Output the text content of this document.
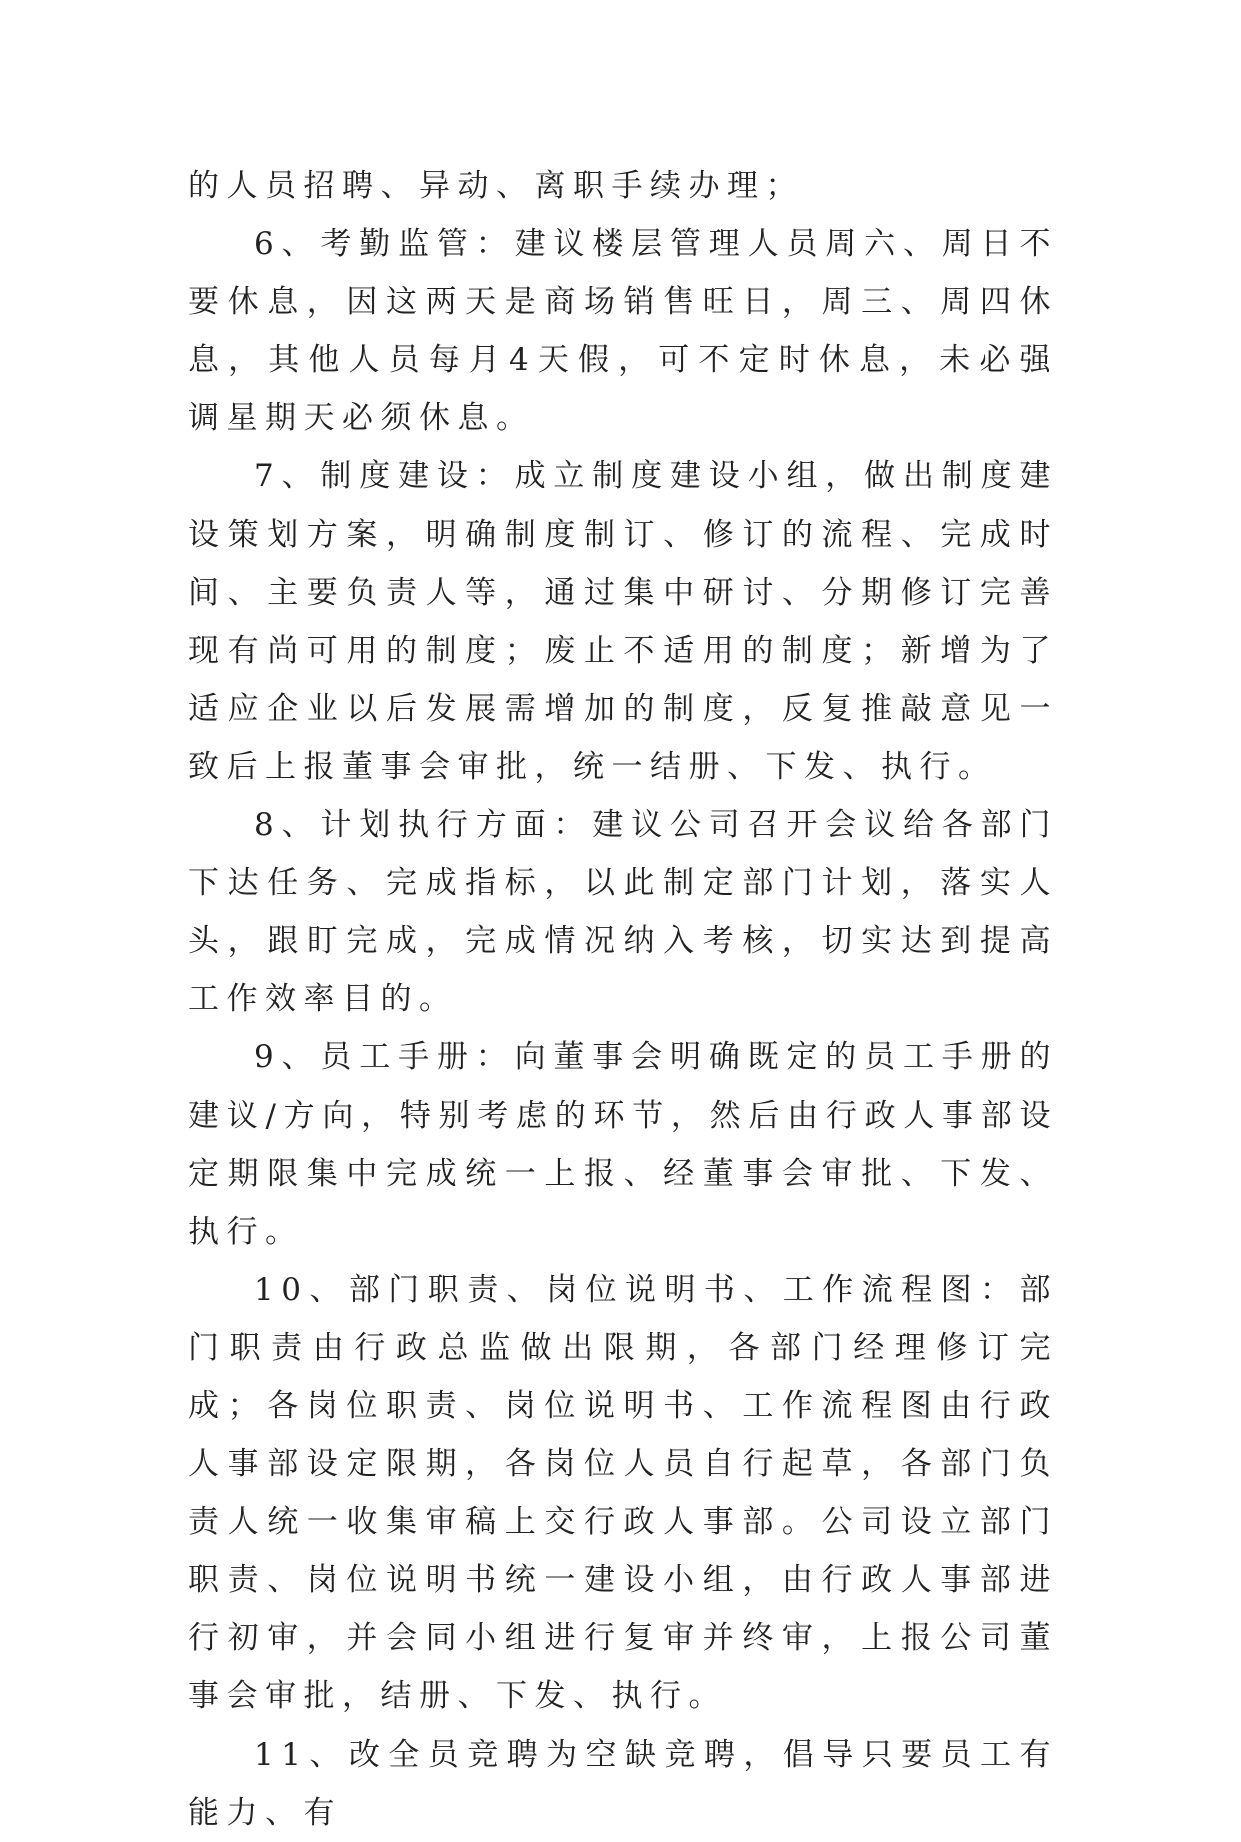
的人员招聘、异动、离职手续办理；

6、考勤监管：建议楼层管理人员周六、周日不要休息，因这两天是商场销售旺日，周三、周四休息，其他人员每月4天假，可不定时休息，未必强调星期天必须休息。

7、制度建设：成立制度建设小组，做出制度建设策划方案，明确制度制订、修订的流程、完成时间、主要负责人等，通过集中研讨、分期修订完善现有尚可用的制度；废止不适用的制度；新增为了适应企业以后发展需增加的制度，反复推敲意见一致后上报董事会审批，统一结册、下发、执行。

8、计划执行方面：建议公司召开会议给各部门下达任务、完成指标，以此制定部门计划，落实人头，跟盯完成，完成情况纳入考核，切实达到提高工作效率目的。

9、员工手册：向董事会明确既定的员工手册的建议/方向，特别考虑的环节，然后由行政人事部设定期限集中完成统一上报、经董事会审批、下发、执行。

10、部门职责、岗位说明书、工作流程图：部门职责由行政总监做出限期，各部门经理修订完成；各岗位职责、岗位说明书、工作流程图由行政人事部设定限期，各岗位人员自行起草，各部门负责人统一收集审稿上交行政人事部。公司设立部门职责、岗位说明书统一建设小组，由行政人事部进行初审，并会同小组进行复审并终审，上报公司董事会审批，结册、下发、执行。

11、改全员竞聘为空缺竞聘，倡导只要员工有能力、有
